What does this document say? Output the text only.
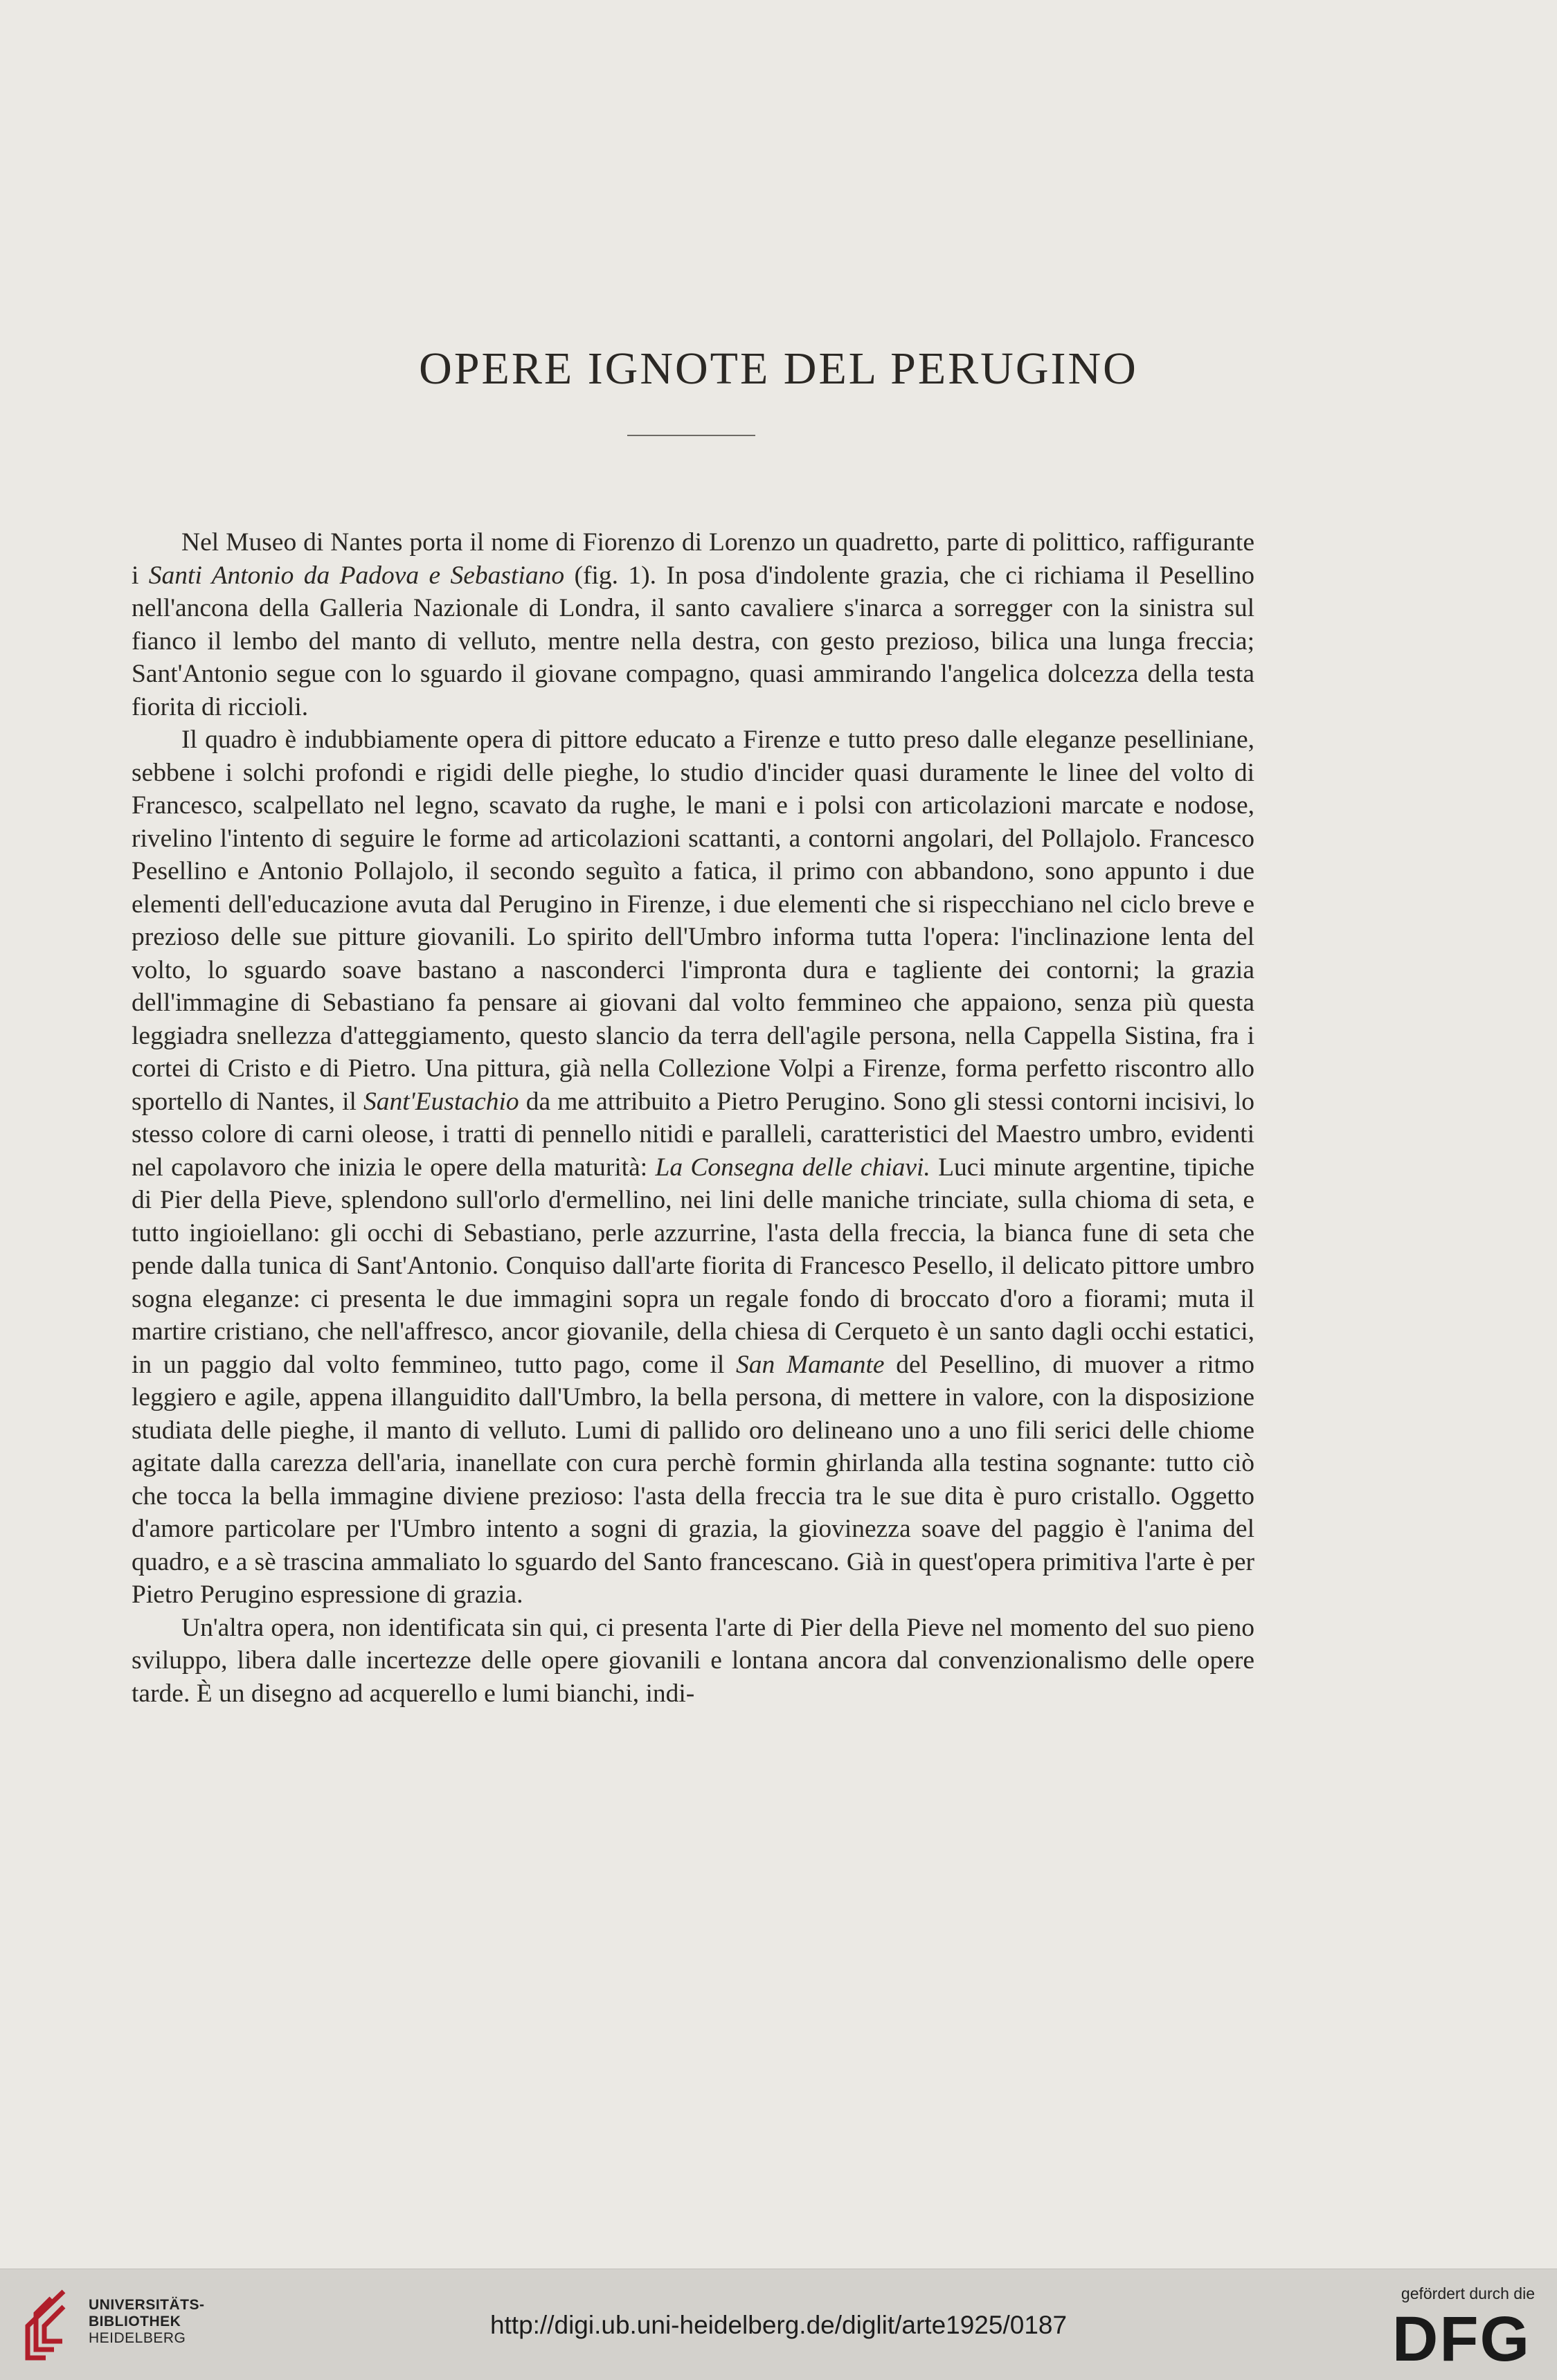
OPERE IGNOTE DEL PERUGINO

Nel Museo di Nantes porta il nome di Fiorenzo di Lorenzo un quadretto, parte di polittico, raffigurante i Santi Antonio da Padova e Sebastiano (fig. 1). In posa d'indolente grazia, che ci richiama il Pesellino nell'ancona della Galleria Nazionale di Londra, il santo cavaliere s'inarca a sorregger con la sinistra sul fianco il lembo del manto di velluto, mentre nella destra, con gesto prezioso, bilica una lunga freccia; Sant'Antonio segue con lo sguardo il giovane compagno, quasi ammirando l'angelica dolcezza della testa fiorita di riccioli.

Il quadro è indubbiamente opera di pittore educato a Firenze e tutto preso dalle eleganze pesellinianе, sebbene i solchi profondi e rigidi delle pieghe, lo studio d'incider quasi duramente le linee del volto di Francesco, scalpellato nel legno, scavato da rughe, le mani e i polsi con articolazioni marcate e nodose, rivelino l'intento di seguire le forme ad articolazioni scattanti, a contorni angolari, del Pollajolo. Francesco Pesellino e Antonio Pollajolo, il secondo seguìto a fatica, il primo con abbandono, sono appunto i due elementi dell'educazione avuta dal Perugino in Firenze, i due elementi che si rispecchiano nel ciclo breve e prezioso delle sue pitture giovanili. Lo spirito dell'Umbro informa tutta l'opera: l'inclinazione lenta del volto, lo sguardo soave bastano a nasconderci l'impronta dura e tagliente dei contorni; la grazia dell'immagine di Sebastiano fa pensare ai giovani dal volto femmineo che appaiono, senza più questa leggiadra snellezza d'atteggiamento, questo slancio da terra dell'agile persona, nella Cappella Sistina, fra i cortei di Cristo e di Pietro. Una pittura, già nella Collezione Volpi a Firenze, forma perfetto riscontro allo sportello di Nantes, il Sant'Eustachio da me attribuito a Pietro Perugino. Sono gli stessi contorni incisivi, lo stesso colore di carni oleose, i tratti di pennello nitidi e paralleli, caratteristici del Maestro umbro, evidenti nel capolavoro che inizia le opere della maturità: La Consegna delle chiavi. Luci minute argentine, tipiche di Pier della Pieve, splendono sull'orlo d'ermellino, nei lini delle maniche trinciate, sulla chioma di seta, e tutto ingioiellano: gli occhi di Sebastiano, perle azzurrine, l'asta della freccia, la bianca fune di seta che pende dalla tunica di Sant'Antonio. Conquiso dall'arte fiorita di Francesco Pesello, il delicato pittore umbro sogna eleganze: ci presenta le due immagini sopra un regale fondo di broccato d'oro a fiorami; muta il martire cristiano, che nell'affresco, ancor giovanile, della chiesa di Cerqueto è un santo dagli occhi estatici, in un paggio dal volto femmineo, tutto pago, come il San Mamante del Pesellino, di muover a ritmo leggiero e agile, appena illanguidito dall'Umbro, la bella persona, di mettere in valore, con la disposizione studiata delle pieghe, il manto di velluto. Lumi di pallido oro delineano uno a uno fili serici delle chiome agitate dalla carezza dell'aria, inanellate con cura perchè formin ghirlanda alla testina sognante: tutto ciò che tocca la bella immagine diviene prezioso: l'asta della freccia tra le sue dita è puro cristallo. Oggetto d'amore particolare per l'Umbro intento a sogni di grazia, la giovinezza soave del paggio è l'anima del quadro, e a sè trascina ammaliato lo sguardo del Santo francescano. Già in quest'opera primitiva l'arte è per Pietro Perugino espressione di grazia.

Un'altra opera, non identificata sin qui, ci presenta l'arte di Pier della Pieve nel momento del suo pieno sviluppo, libera dalle incertezze delle opere giovanili e lontana ancora dal convenzionalismo delle opere tarde. È un disegno ad acquerello e lumi bianchi, indi-

UNIVERSITÄTS-
BIBLIOTHEK
HEIDELBERG	http://digi.ub.uni-heidelberg.de/diglit/arte1925/0187
gefördert durch die
DFG
